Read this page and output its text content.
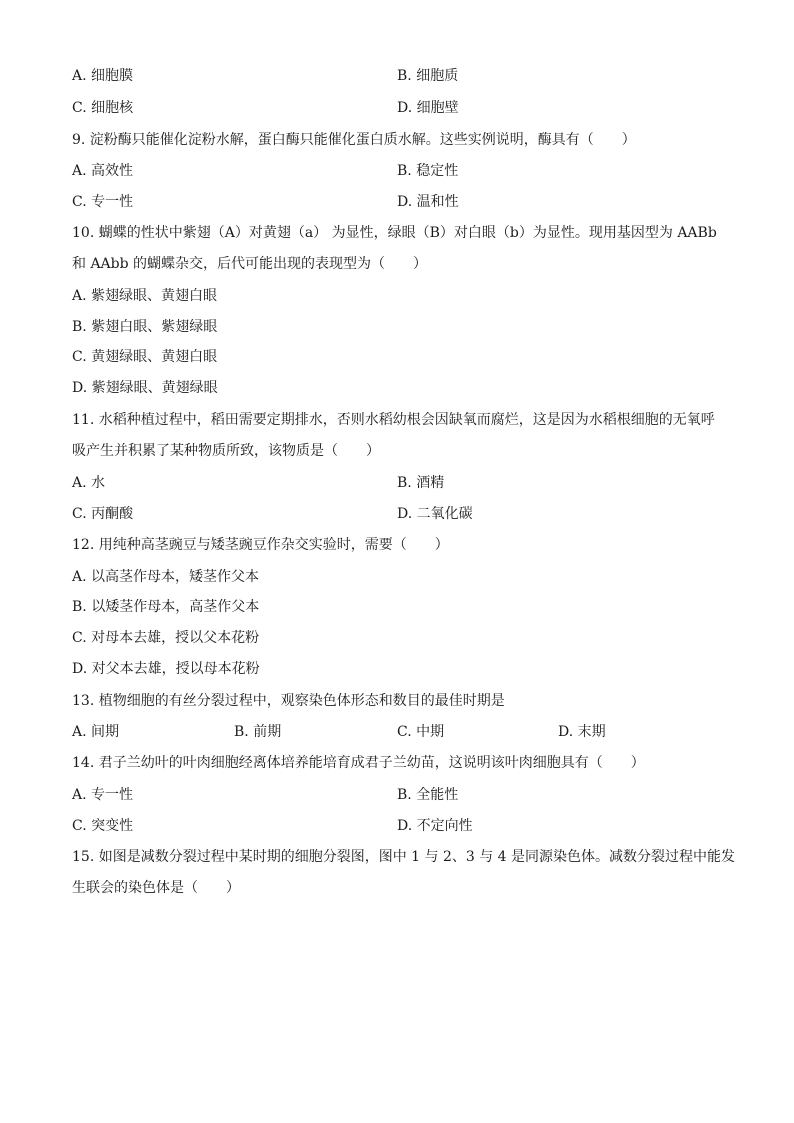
A. 细胞膜	B. 细胞质
C. 细胞核	D. 细胞壁
9. 淀粉酶只能催化淀粉水解，蛋白酶只能催化蛋白质水解。这些实例说明，酶具有（　　）
A. 高效性	B. 稳定性
C. 专一性	D. 温和性
10. 蝴蝶的性状中紫翅（A）对黄翅（a） 为显性，绿眼（B）对白眼（b）为显性。现用基因型为 AABb
和 AAbb 的蝴蝶杂交，后代可能出现的表现型为（　　）
A. 紫翅绿眼、黄翅白眼
B. 紫翅白眼、紫翅绿眼
C. 黄翅绿眼、黄翅白眼
D. 紫翅绿眼、黄翅绿眼
11. 水稻种植过程中，稻田需要定期排水，否则水稻幼根会因缺氧而腐烂，这是因为水稻根细胞的无氧呼
吸产生并积累了某种物质所致，该物质是（　　）
A. 水	B. 酒精
C. 丙酮酸	D. 二氧化碳
12. 用纯种高茎豌豆与矮茎豌豆作杂交实验时，需要（　　）
A. 以高茎作母本，矮茎作父本
B. 以矮茎作母本，高茎作父本
C. 对母本去雄，授以父本花粉
D. 对父本去雄，授以母本花粉
13. 植物细胞的有丝分裂过程中，观察染色体形态和数目的最佳时期是
A. 间期	B. 前期	C. 中期	D. 末期
14. 君子兰幼叶的叶肉细胞经离体培养能培育成君子兰幼苗，这说明该叶肉细胞具有（　　）
A. 专一性	B. 全能性
C. 突变性	D. 不定向性
15. 如图是减数分裂过程中某时期的细胞分裂图，图中 1 与 2、3 与 4 是同源染色体。减数分裂过程中能发
生联会的染色体是（　　）
